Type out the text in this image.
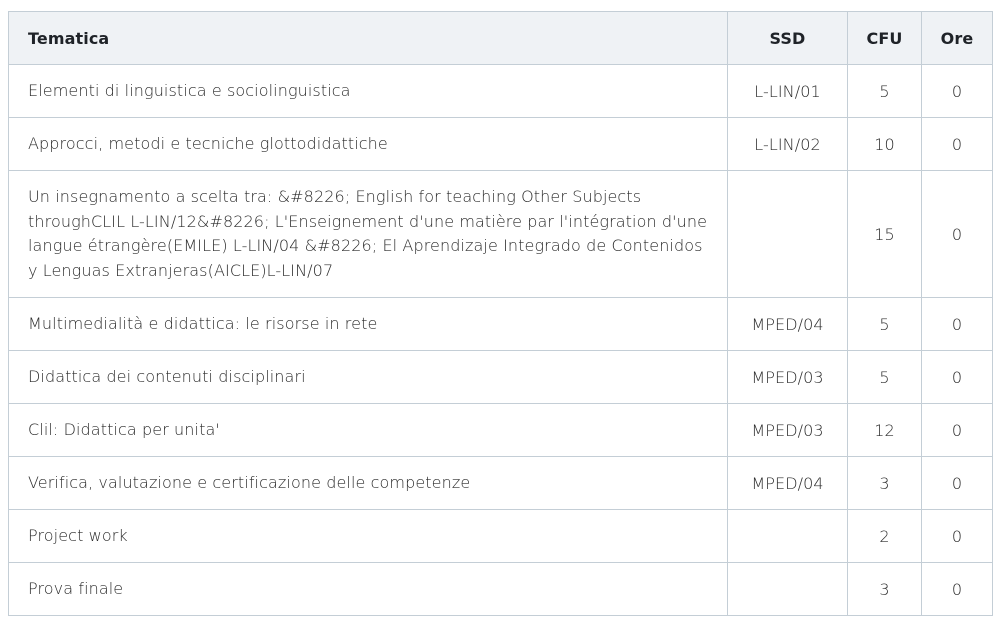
Tematica	SSD	CFU	Ore
Elementi di linguistica e sociolinguistica	L-LIN/01	5	0
Approcci, metodi e tecniche glottodidattiche	L-LIN/02	10	0
Un insegnamento a scelta tra: &#8226; English for teaching Other Subjects throughCLIL L-LIN/12&#8226; L'Enseignement d'une matière par l'intégration d'une langue étrangère(EMILE) L-LIN/04 &#8226; El Aprendizaje Integrado de Contenidos y Lenguas Extranjeras(AICLE)L-LIN/07		15	0
Multimedialità e didattica: le risorse in rete	MPED/04	5	0
Didattica dei contenuti disciplinari	MPED/03	5	0
Clil: Didattica per unita'	MPED/03	12	0
Verifica, valutazione e certificazione delle competenze	MPED/04	3	0
Project work		2	0
Prova finale		3	0
